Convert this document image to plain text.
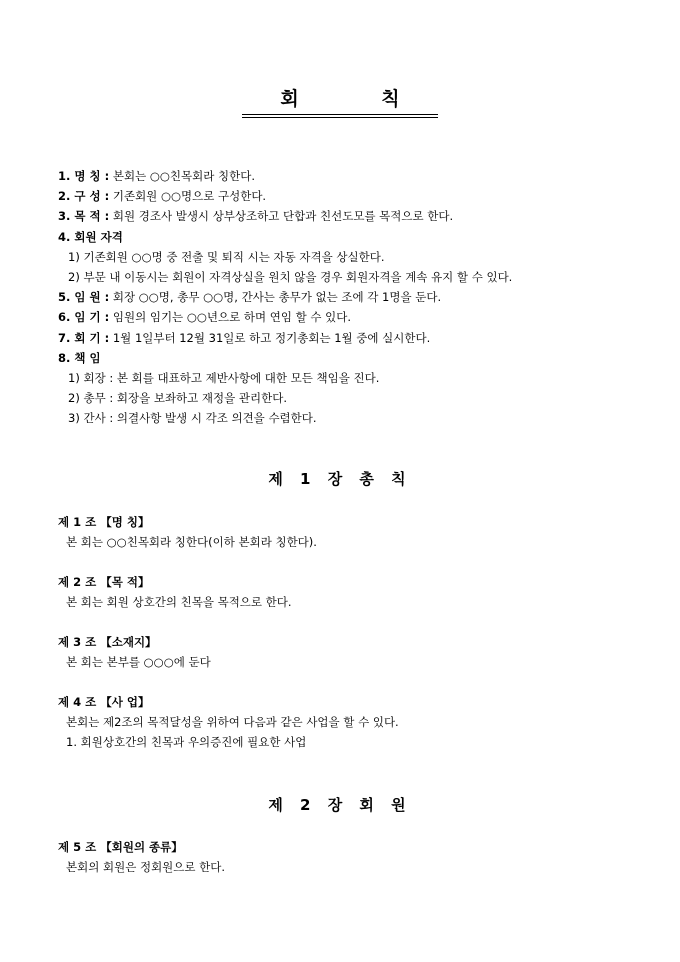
회 칙
1. 명 칭 : 본회는 ○○친목회라 칭한다.
2. 구 성 : 기존회원 ○○명으로 구성한다.
3. 목 적 : 회원 경조사 발생시 상부상조하고 단합과 친선도모를 목적으로 한다.
4. 회원 자격
1) 기존회원 ○○명 중 전출 및 퇴직 시는 자동 자격을 상실한다.
2) 부문 내 이동시는 회원이 자격상실을 원치 않을 경우 회원자격을 계속 유지 할 수 있다.
5. 임 원 : 회장 ○○명, 총무 ○○명, 간사는 총무가 없는 조에 각 1명을 둔다.
6. 임 기 : 임원의 임기는 ○○년으로 하며 연임 할 수 있다.
7. 회 기 : 1월 1일부터 12월 31일로 하고 정기총회는 1월 중에 실시한다.
8. 책 임
1) 회장 : 본 회를 대표하고 제반사항에 대한 모든 책임을 진다.
2) 총무 : 회장을 보좌하고 재정을 관리한다.
3) 간사 : 의결사항 발생 시 각조 의견을 수렴한다.
제 1 장 총 칙
제 1 조 【명 칭】
본 회는 ○○친목회라 칭한다(이하 본회라 칭한다).
제 2 조 【목 적】
본 회는 회원 상호간의 친목을 목적으로 한다.
제 3 조 【소재지】
본 회는 본부를 ○○○에 둔다
제 4 조 【사 업】
본회는 제2조의 목적달성을 위하여 다음과 같은 사업을 할 수 있다.
1. 회원상호간의 친목과 우의증진에 필요한 사업
제 2 장 회 원
제 5 조 【회원의 종류】
본회의 회원은 정회원으로 한다.
